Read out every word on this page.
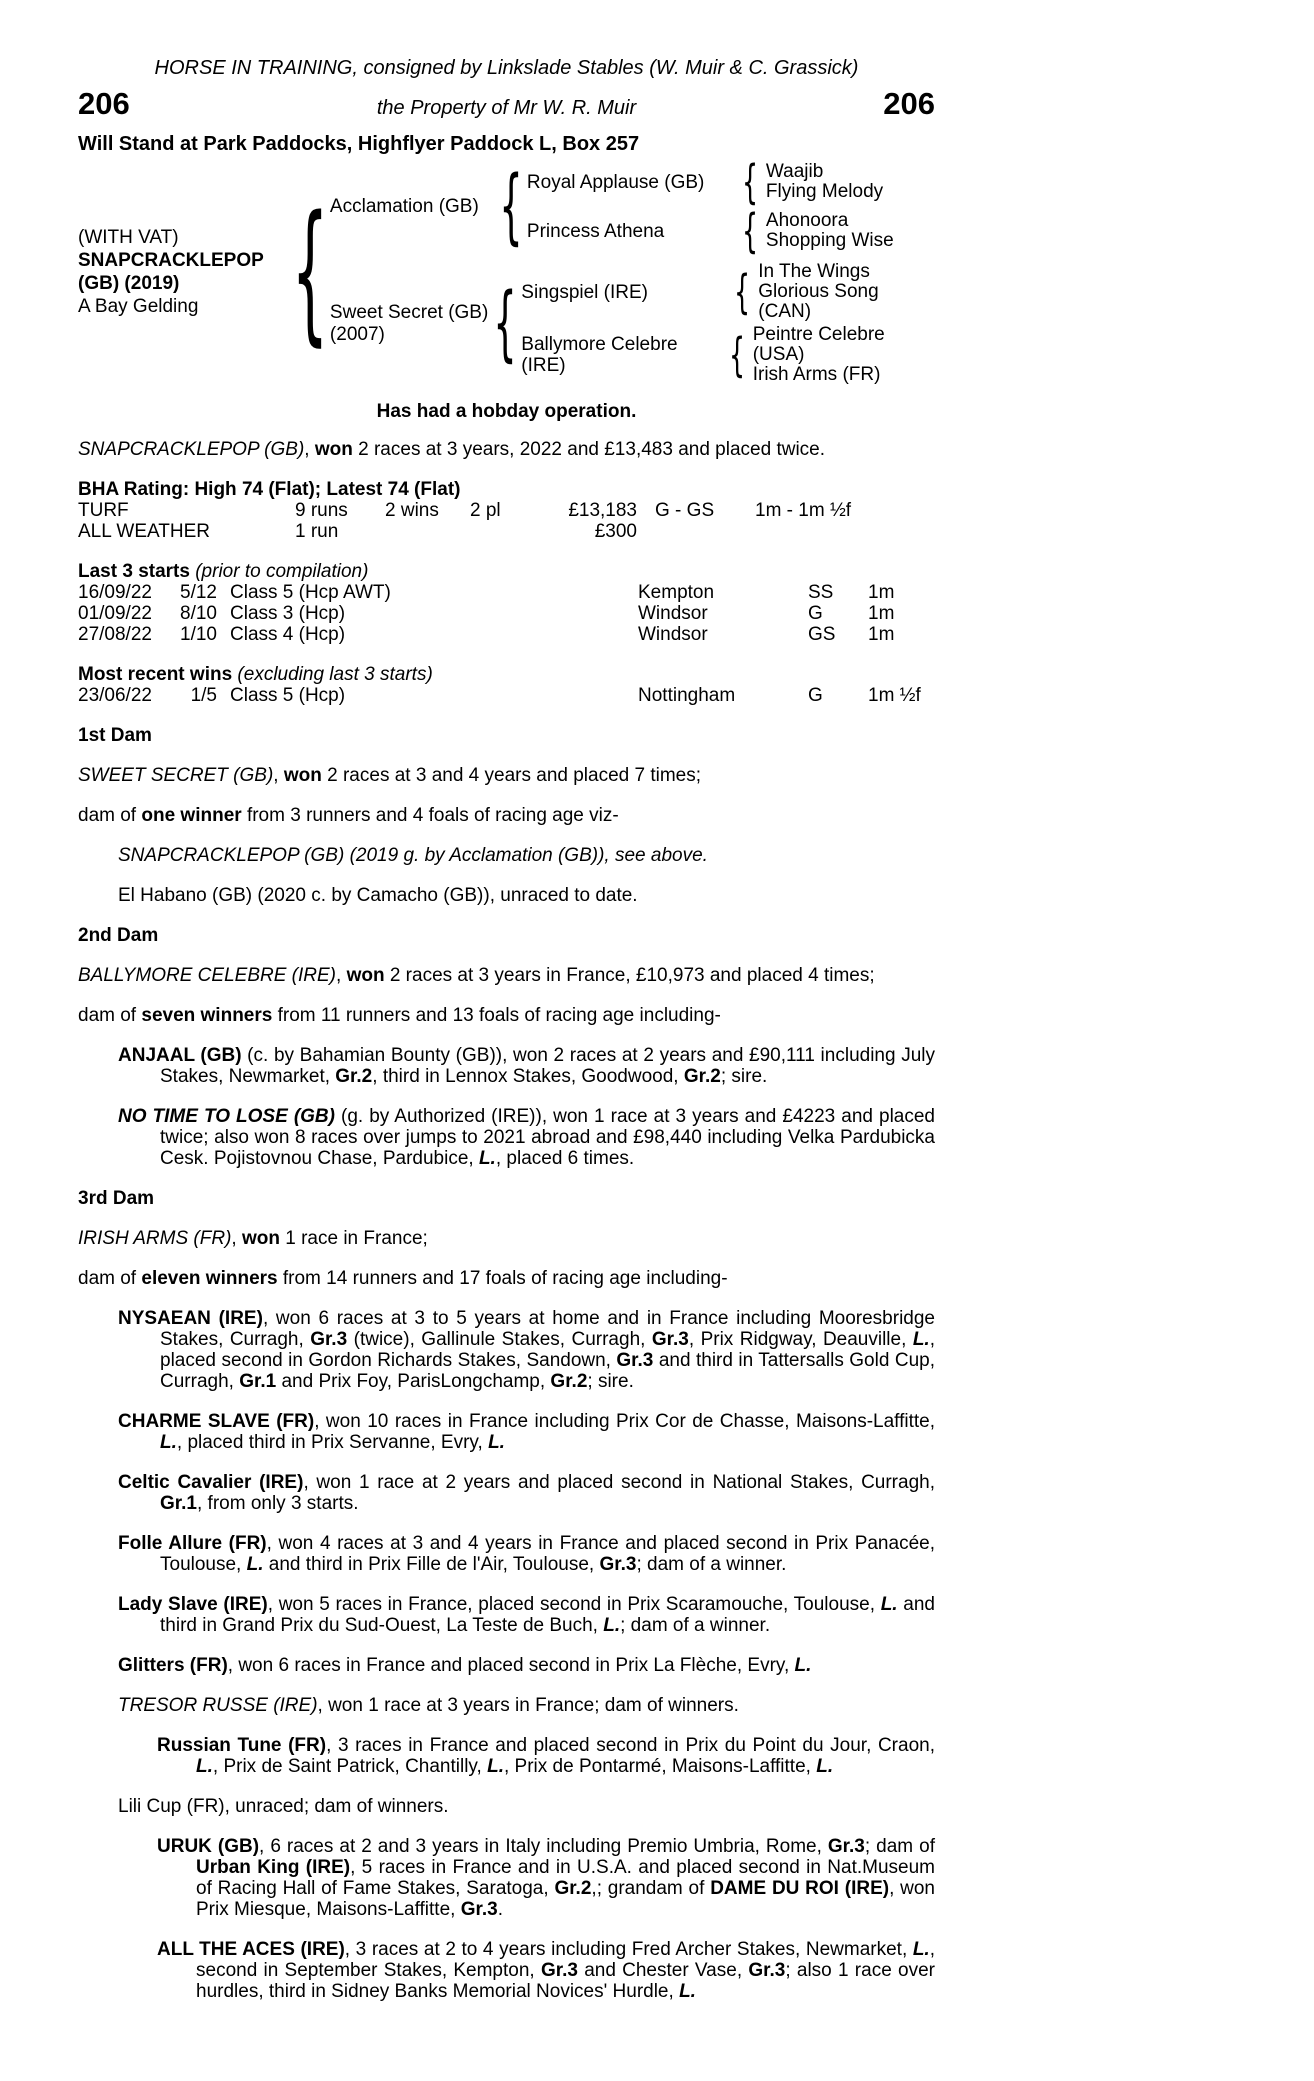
HORSE IN TRAINING, consigned by Linkslade Stables (W. Muir & C. Grassick)
206	the Property of Mr W. R. Muir	206
Will Stand at Park Paddocks, Highflyer Paddock L, Box 257
(WITH VAT)
SNAPCRACKLEPOP
(GB) (2019)
A Bay Gelding { Acclamation (GB) { Royal Applause (GB) { Waajib
Flying Melody
Princess Athena	{ Ahonoora
Shopping Wise
Sweet Secret (GB)
(2007)	{ Singspiel (IRE)	{ In The Wings
Glorious Song (CAN)
Ballymore Celebre (IRE)	{ Peintre Celebre (USA)
Irish Arms (FR)
Has had a hobday operation.

SNAPCRACKLEPOP (GB), won 2 races at 3 years, 2022 and £13,483 and placed twice.

BHA Rating: High 74 (Flat); Latest 74 (Flat)
TURF	9 runs	2 wins	2 pl	£13,183 G - GS	1m - 1m ½f
ALL WEATHER	1 run	£300
Last 3 starts (prior to compilation)
16/09/22	5/12 Class 5 (Hcp AWT)	Kempton	SS	1m
01/09/22	8/10 Class 3 (Hcp)	Windsor	G	1m
27/08/22	1/10 Class 4 (Hcp)	Windsor	GS	1m
Most recent wins (excluding last 3 starts)
23/06/22	1/5 Class 5 (Hcp)	Nottingham	G	1m ½f
1st Dam

SWEET SECRET (GB), won 2 races at 3 and 4 years and placed 7 times;

dam of one winner from 3 runners and 4 foals of racing age viz-

SNAPCRACKLEPOP (GB) (2019 g. by Acclamation (GB)), see above.

El Habano (GB) (2020 c. by Camacho (GB)), unraced to date.

2nd Dam

BALLYMORE CELEBRE (IRE), won 2 races at 3 years in France, £10,973 and placed 4 times;

dam of seven winners from 11 runners and 13 foals of racing age including-

ANJAAL (GB) (c. by Bahamian Bounty (GB)), won 2 races at 2 years and £90,111 including July Stakes, Newmarket, Gr.2, third in Lennox Stakes, Goodwood, Gr.2; sire.

NO TIME TO LOSE (GB) (g. by Authorized (IRE)), won 1 race at 3 years and £4223 and placed twice; also won 8 races over jumps to 2021 abroad and £98,440 including Velka Pardubicka Cesk. Pojistovnou Chase, Pardubice, L., placed 6 times.

3rd Dam

IRISH ARMS (FR), won 1 race in France;

dam of eleven winners from 14 runners and 17 foals of racing age including-

NYSAEAN (IRE), won 6 races at 3 to 5 years at home and in France including Mooresbridge Stakes, Curragh, Gr.3 (twice), Gallinule Stakes, Curragh, Gr.3, Prix Ridgway, Deauville, L., placed second in Gordon Richards Stakes, Sandown, Gr.3 and third in Tattersalls Gold Cup, Curragh, Gr.1 and Prix Foy, ParisLongchamp, Gr.2; sire.

CHARME SLAVE (FR), won 10 races in France including Prix Cor de Chasse, Maisons-Laffitte, L., placed third in Prix Servanne, Evry, L.

Celtic Cavalier (IRE), won 1 race at 2 years and placed second in National Stakes, Curragh, Gr.1, from only 3 starts.

Folle Allure (FR), won 4 races at 3 and 4 years in France and placed second in Prix Panacée, Toulouse, L. and third in Prix Fille de l'Air, Toulouse, Gr.3; dam of a winner.

Lady Slave (IRE), won 5 races in France, placed second in Prix Scaramouche, Toulouse, L. and third in Grand Prix du Sud-Ouest, La Teste de Buch, L.; dam of a winner.

Glitters (FR), won 6 races in France and placed second in Prix La Flèche, Evry, L.

TRESOR RUSSE (IRE), won 1 race at 3 years in France; dam of winners.

Russian Tune (FR), 3 races in France and placed second in Prix du Point du Jour, Craon, L., Prix de Saint Patrick, Chantilly, L., Prix de Pontarmé, Maisons-Laffitte, L.

Lili Cup (FR), unraced; dam of winners.

URUK (GB), 6 races at 2 and 3 years in Italy including Premio Umbria, Rome, Gr.3; dam of Urban King (IRE), 5 races in France and in U.S.A. and placed second in Nat.Museum of Racing Hall of Fame Stakes, Saratoga, Gr.2,; grandam of DAME DU ROI (IRE), won Prix Miesque, Maisons-Laffitte, Gr.3.

ALL THE ACES (IRE), 3 races at 2 to 4 years including Fred Archer Stakes, Newmarket, L., second in September Stakes, Kempton, Gr.3 and Chester Vase, Gr.3; also 1 race over hurdles, third in Sidney Banks Memorial Novices' Hurdle, L.
